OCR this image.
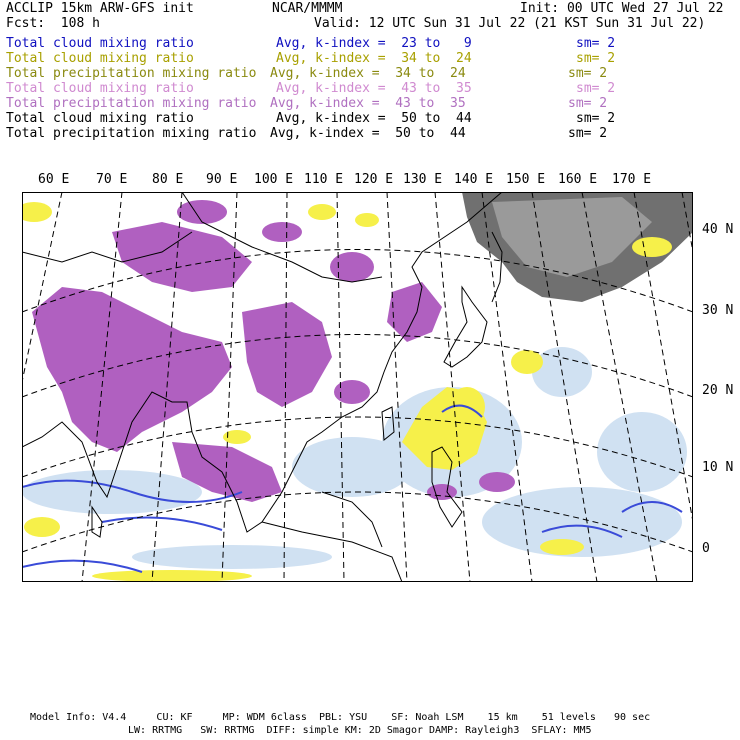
ACCLIP 15km ARW-GFS init	NCAR/MMMM	Init: 00 UTC Wed 27 Jul 22
Fcst:  108 h	Valid: 12 UTC Sun 31 Jul 22 (21 KST Sun 31 Jul 22)
Total cloud mixing ratio	Avg, k-index =  23 to   9	sm= 2
Total cloud mixing ratio	Avg, k-index =  34 to  24	sm= 2
Total precipitation mixing ratio Avg, k-index =  34 to  24	sm= 2
Total cloud mixing ratio	Avg, k-index =  43 to  35	sm= 2
Total precipitation mixing ratio Avg, k-index =  43 to  35	sm= 2
Total cloud mixing ratio	Avg, k-index =  50 to  44	sm= 2
Total precipitation mixing ratio Avg, k-index =  50 to  44	sm= 2
60 E 70 E 80 E 90 E 100 E 110 E 120 E 130 E 140 E 150 E 160 E 170 E
40 N
30 N
20 N
10 N
0
Model Info: V4.4     CU: KF     MP: WDM 6class  PBL: YSU    SF: Noah LSM    15 km    51 levels   90 sec
LW: RRTMG   SW: RRTMG  DIFF: simple KM: 2D Smagor DAMP: Rayleigh3  SFLAY: MM5
